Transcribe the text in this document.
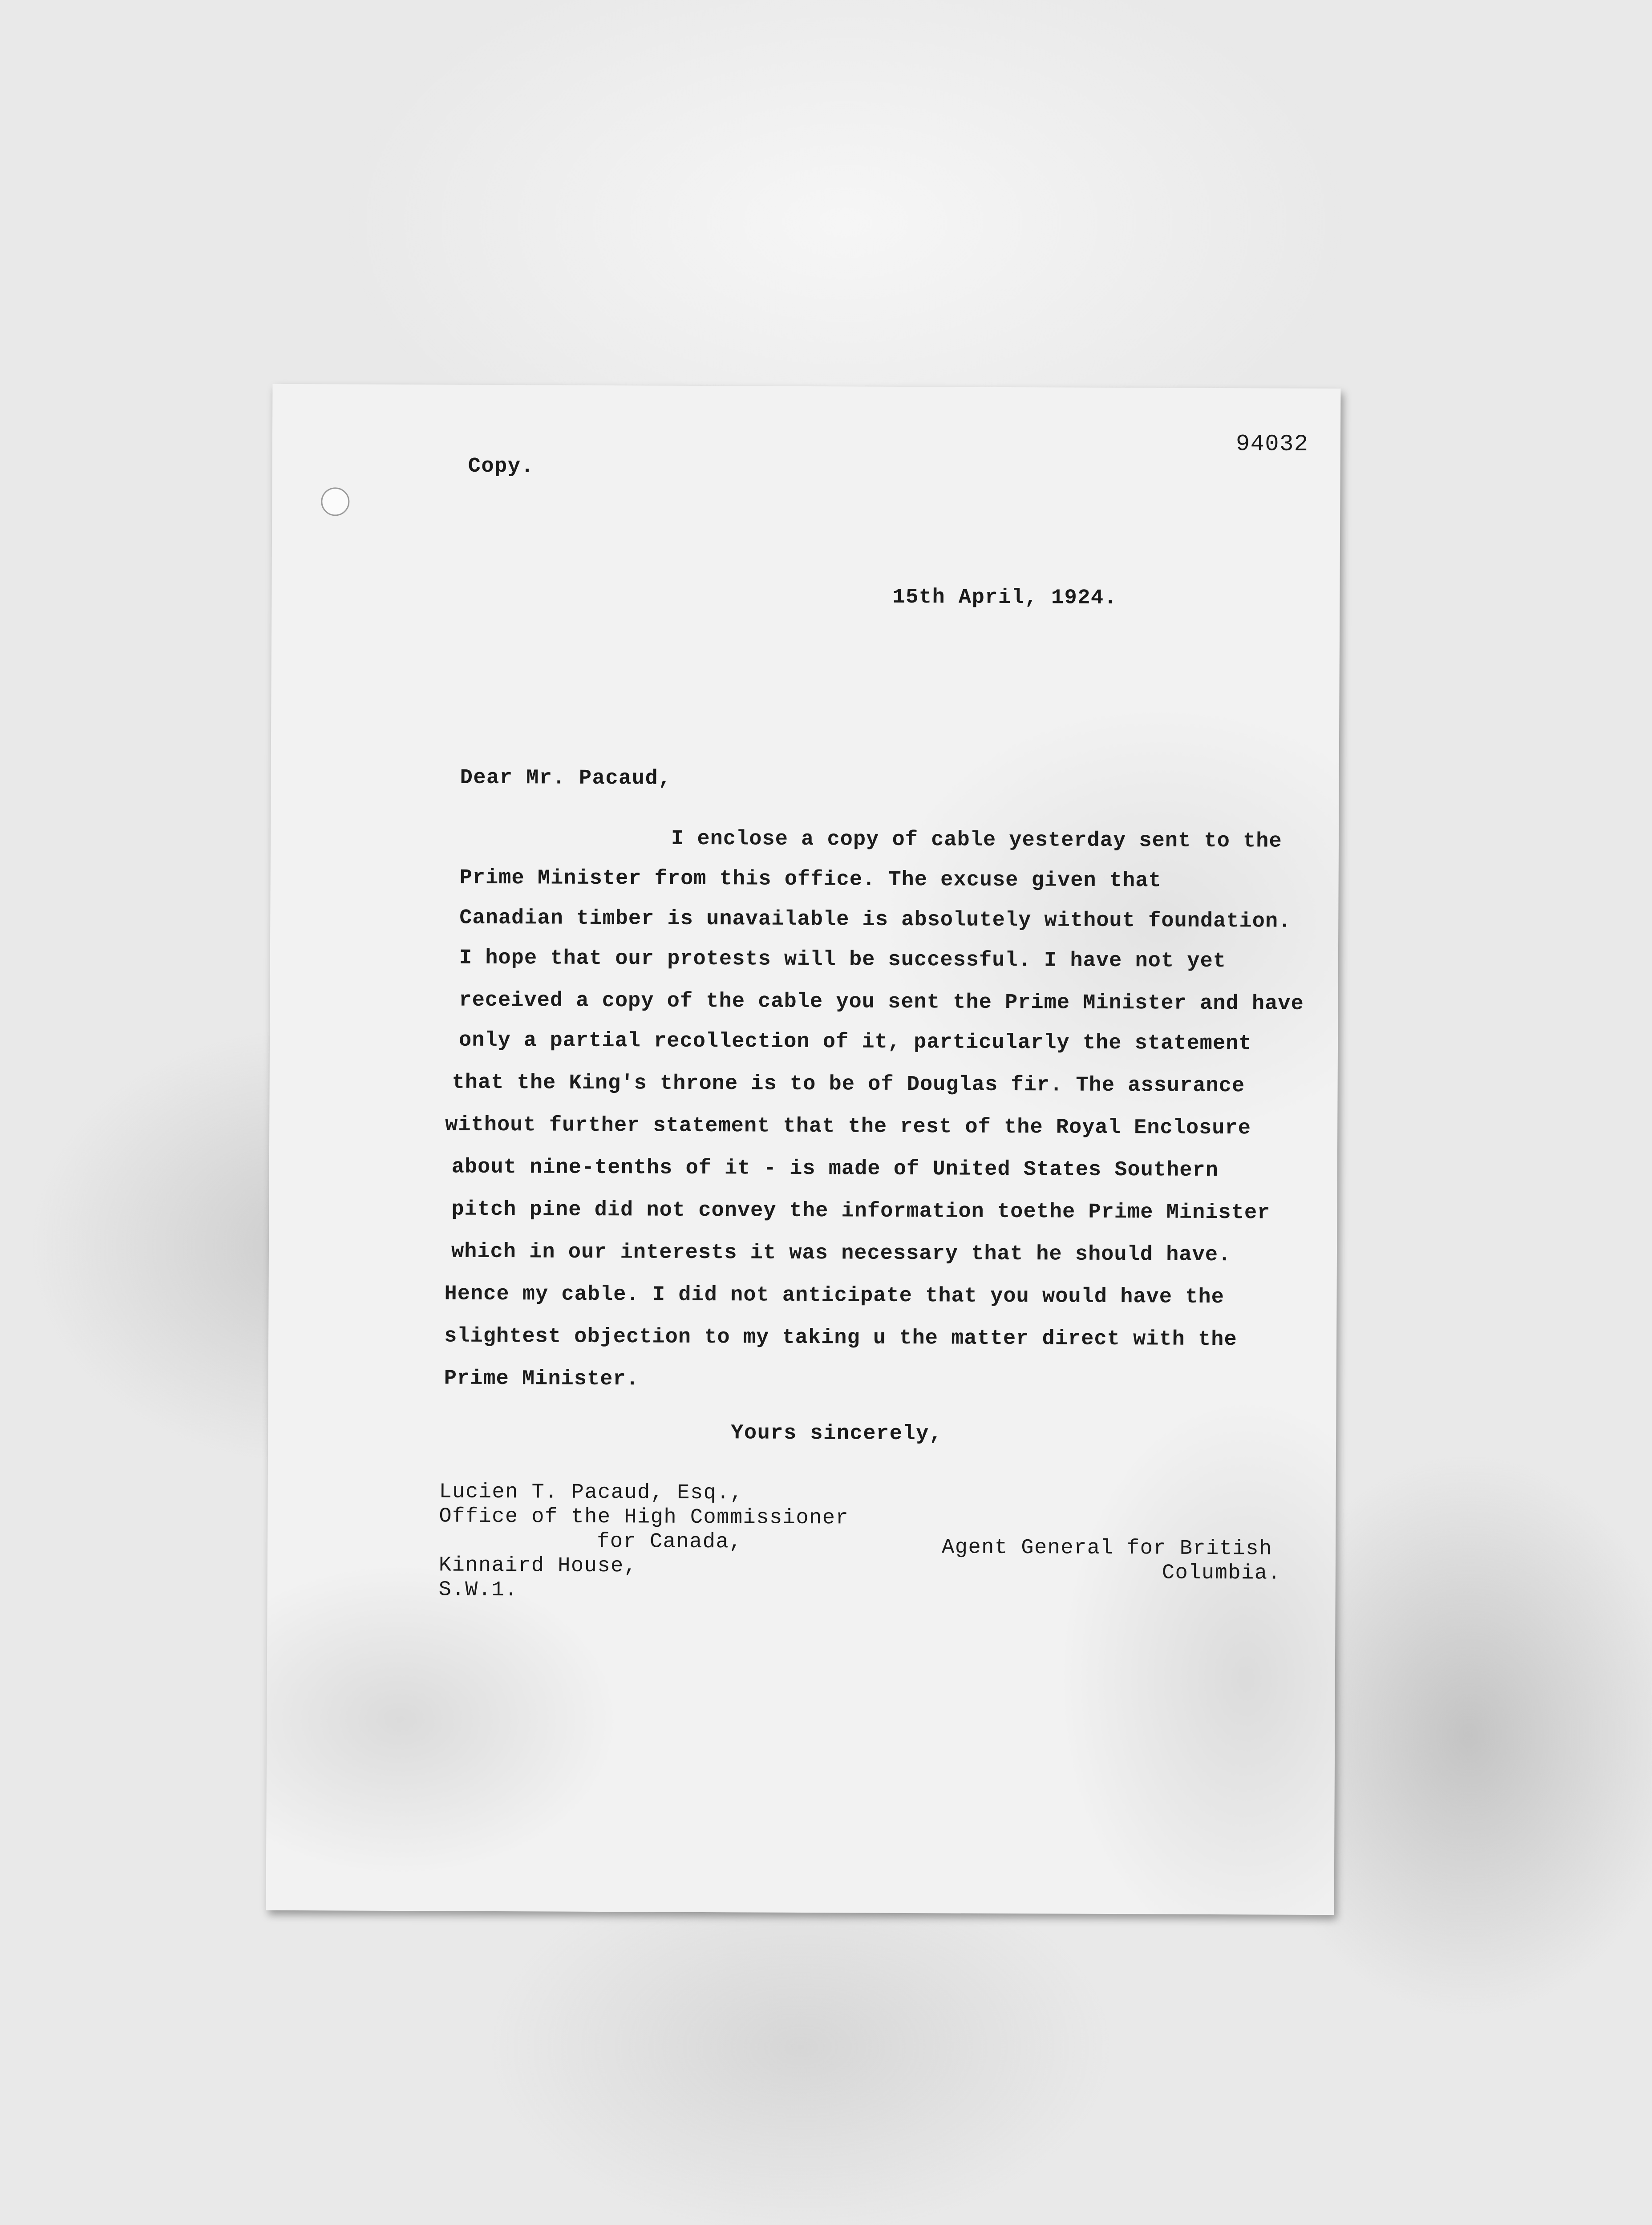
Copy.
94032
15th April, 1924.
Dear Mr. Pacaud,
I enclose a copy of cable yesterday sent to the
Prime Minister from this office. The excuse given that
Canadian timber is unavailable is absolutely without foundation.
I hope that our protests will be successful. I have not yet
received a copy of the cable you sent the Prime Minister and have
only a partial recollection of it, particularly the statement
that the King's throne is to be of Douglas fir. The assurance
without further statement that the rest of the Royal Enclosure
about nine-tenths of it - is made of United States Southern
pitch pine did not convey the information toethe Prime Minister
which in our interests it was necessary that he should have.
Hence my cable. I did not anticipate that you would have the
slightest objection to my taking u the matter direct with the
Prime Minister.
Yours sincerely,
Lucien T. Pacaud, Esq.,
Office of the High Commissioner
for Canada,
Kinnaird House,
S.W.1.
Agent General for British
Columbia.
